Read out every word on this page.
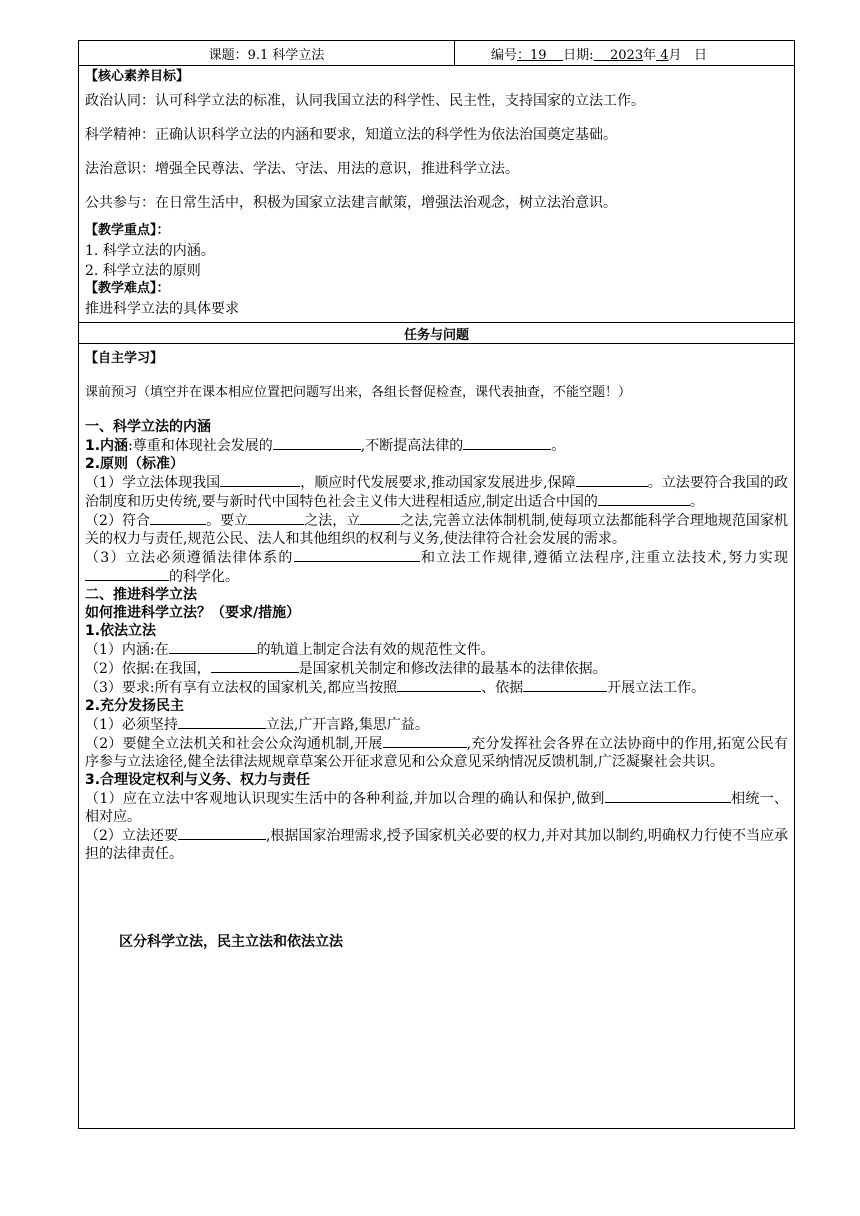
课题：9.1 科学立法	编号：19    日期:    2023年 4月 日

【核心素养目标】
政治认同：认可科学立法的标准，认同我国立法的科学性、民主性，支持国家的立法工作。
科学精神：正确认识科学立法的内涵和要求，知道立法的科学性为依法治国奠定基础。
法治意识：增强全民尊法、学法、守法、用法的意识，推进科学立法。
公共参与：在日常生活中，积极为国家立法建言献策，增强法治观念，树立法治意识。
【教学重点】：
1. 科学立法的内涵。
2. 科学立法的原则
【教学难点】：
推进科学立法的具体要求

任务与问题

【自主学习】
课前预习（填空并在课本相应位置把问题写出来，各组长督促检查，课代表抽查，不能空题！）
一、科学立法的内涵
1.内涵:尊重和体现社会发展的	,不断提高法律的	。
2.原则（标准）
（1）学立法体现我国	，顺应时代发展要求,推动国家发展进步,保障	。立法要符合我国的政治制度和历史传统,要与新时代中国特色社会主义伟大进程相适应,制定出适合中国的	。
（2）符合	。要立	之法，立	之法,完善立法体制机制,使每项立法都能科学合理地规范国家机关的权力与责任,规范公民、法人和其他组织的权利与义务,使法律符合社会发展的需求。
（3）立法必须遵循法律体系的	和立法工作规律,遵循立法程序,注重立法技术,努力实现的科学化。
二、推进科学立法
如何推进科学立法？（要求/措施）
1.依法立法
（1）内涵:在	的轨道上制定合法有效的规范性文件。
（2）依据:在我国，	是国家机关制定和修改法律的最基本的法律依据。
（3）要求:所有享有立法权的国家机关,都应当按照	、依据	开展立法工作。
2.充分发扬民主
（1）必须坚持	立法,广开言路,集思广益。
（2）要健全立法机关和社会公众沟通机制,开展	,充分发挥社会各界在立法协商中的作用,拓宽公民有序参与立法途径,健全法律法规规章草案公开征求意见和公众意见采纳情况反馈机制,广泛凝聚社会共识。
3.合理设定权利与义务、权力与责任
（1）应在立法中客观地认识现实生活中的各种利益,并加以合理的确认和保护,做到	相统一、相对应。
（2）立法还要	,根据国家治理需求,授予国家机关必要的权力,并对其加以制约,明确权力行使不当应承担的法律责任。
区分科学立法，民主立法和依法立法
